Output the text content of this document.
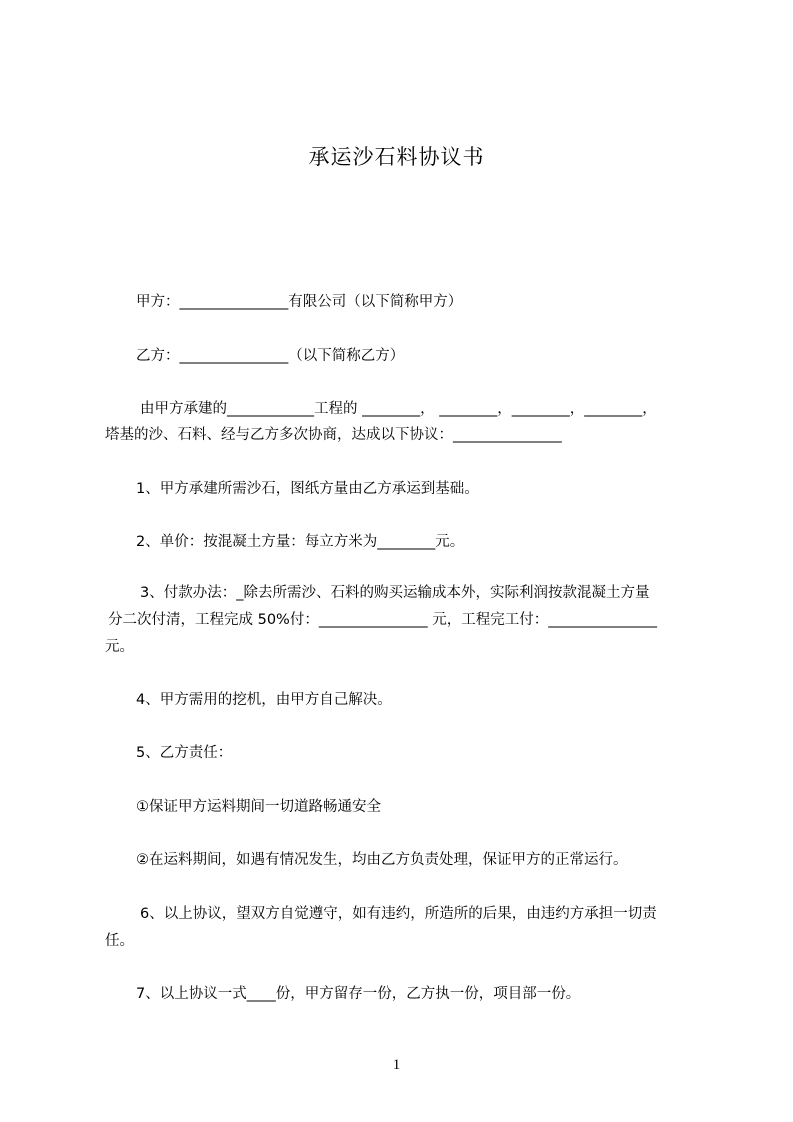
承运沙石料协议书
甲方：_______________有限公司（以下简称甲方）
乙方：_______________（以下简称乙方）
由甲方承建的____________工程的 ________， ________，________，________，
塔基的沙、石料、经与乙方多次协商，达成以下协议：_______________
1、甲方承建所需沙石，图纸方量由乙方承运到基础。
2、单价：按混凝土方量：每立方米为________元。
3、付款办法：_除去所需沙、石料的购买运输成本外，实际利润按款混凝土方量
分二次付清，工程完成 50%付：_______________ 元，工程完工付：_______________
元。
4、甲方需用的挖机，由甲方自己解决。
5、乙方责任：
①保证甲方运料期间一切道路畅通安全
②在运料期间，如遇有情况发生，均由乙方负责处理，保证甲方的正常运行。
6、以上协议，望双方自觉遵守，如有违约，所造所的后果，由违约方承担一切责
任。
7、以上协议一式____份，甲方留存一份，乙方执一份，项目部一份。
1
